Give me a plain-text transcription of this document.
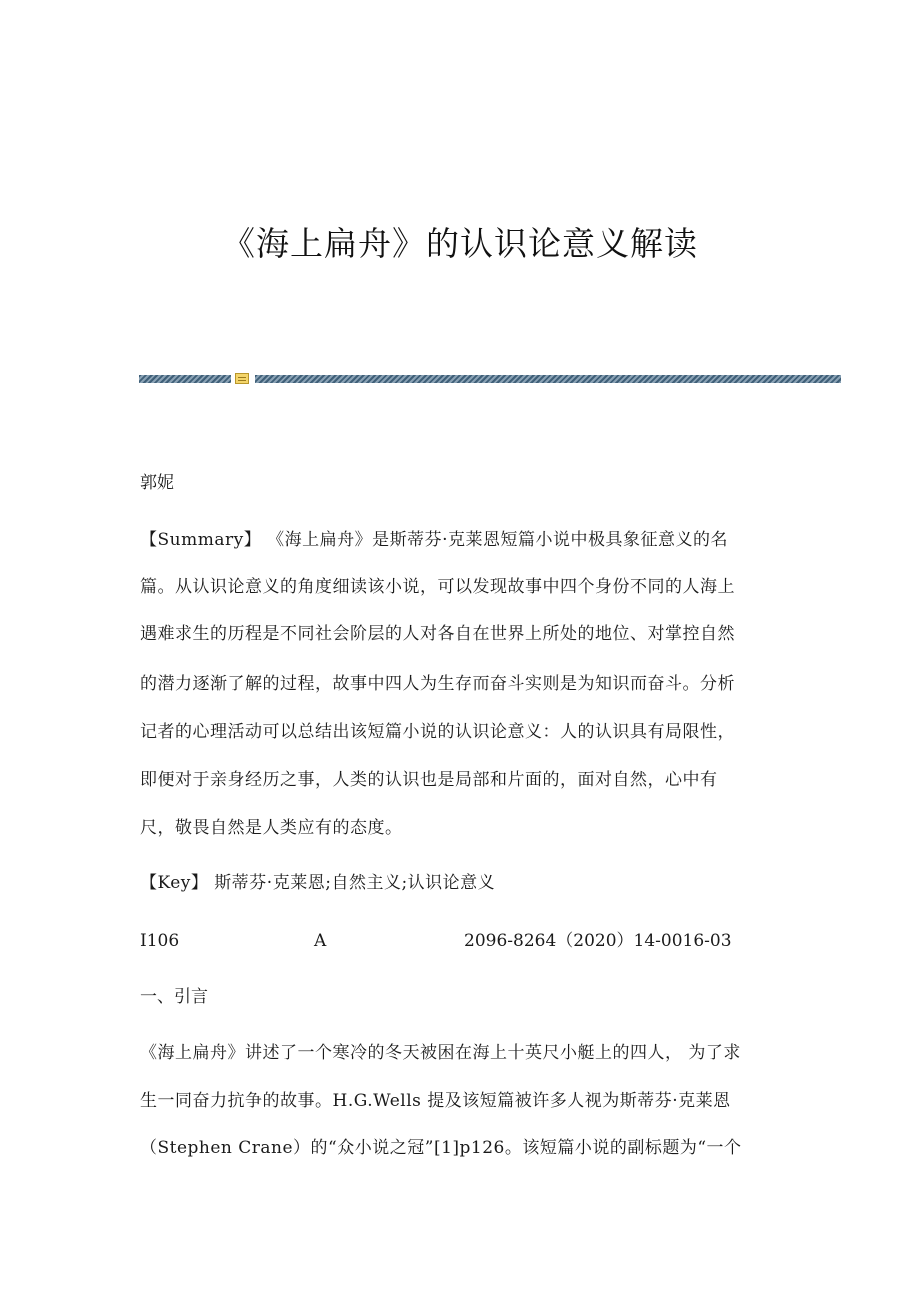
《海上扁舟》的认识论意义解读

郭妮

【Summary】 《海上扁舟》是斯蒂芬·克莱恩短篇小说中极具象征意义的名

篇。从认识论意义的角度细读该小说，可以发现故事中四个身份不同的人海上

遇难求生的历程是不同社会阶层的人对各自在世界上所处的地位、对掌控自然

的潜力逐渐了解的过程，故事中四人为生存而奋斗实则是为知识而奋斗。分析

记者的心理活动可以总结出该短篇小说的认识论意义：人的认识具有局限性，

即便对于亲身经历之事，人类的认识也是局部和片面的，面对自然，心中有

尺，敬畏自然是人类应有的态度。

【Key】 斯蒂芬·克莱恩;自然主义;认识论意义

I106	A	2096-8264（2020）14-0016-03

一、引言

《海上扁舟》讲述了一个寒冷的冬天被困在海上十英尺小艇上的四人， 为了求

生一同奋力抗争的故事。H.G.Wells 提及该短篇被许多人视为斯蒂芬·克莱恩

（Stephen Crane）的“众小说之冠”[1]p126。该短篇小说的副标题为“一个
